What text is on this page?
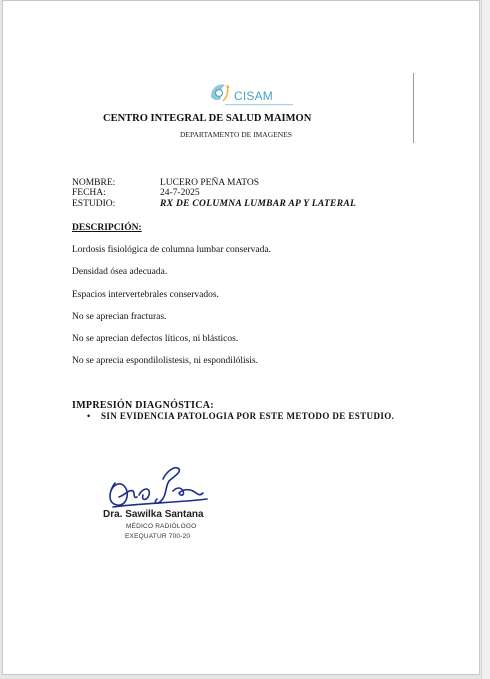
CISAM
CENTRO INTEGRAL DE SALUD MAIMON
DEPARTAMENTO DE IMAGENES
NOMBRE:	LUCERO PEÑA MATOS
FECHA:	24-7-2025
ESTUDIO:	RX DE COLUMNA LUMBAR AP Y LATERAL
DESCRIPCIÓN:
Lordosis fisiológica de columna lumbar conservada.
Densidad ósea adecuada.
Espacios intervertebrales conservados.
No se aprecian fracturas.
No se aprecian defectos líticos, ni blásticos.
No se aprecia espondilolistesis, ni espondilólisis.
IMPRESIÓN DIAGNÓSTICA:
• SIN EVIDENCIA PATOLOGIA POR ESTE METODO DE ESTUDIO.
Dra. Sawilka Santana
MÉDICO RADIÓLOGO
EXEQUATUR 700-20
